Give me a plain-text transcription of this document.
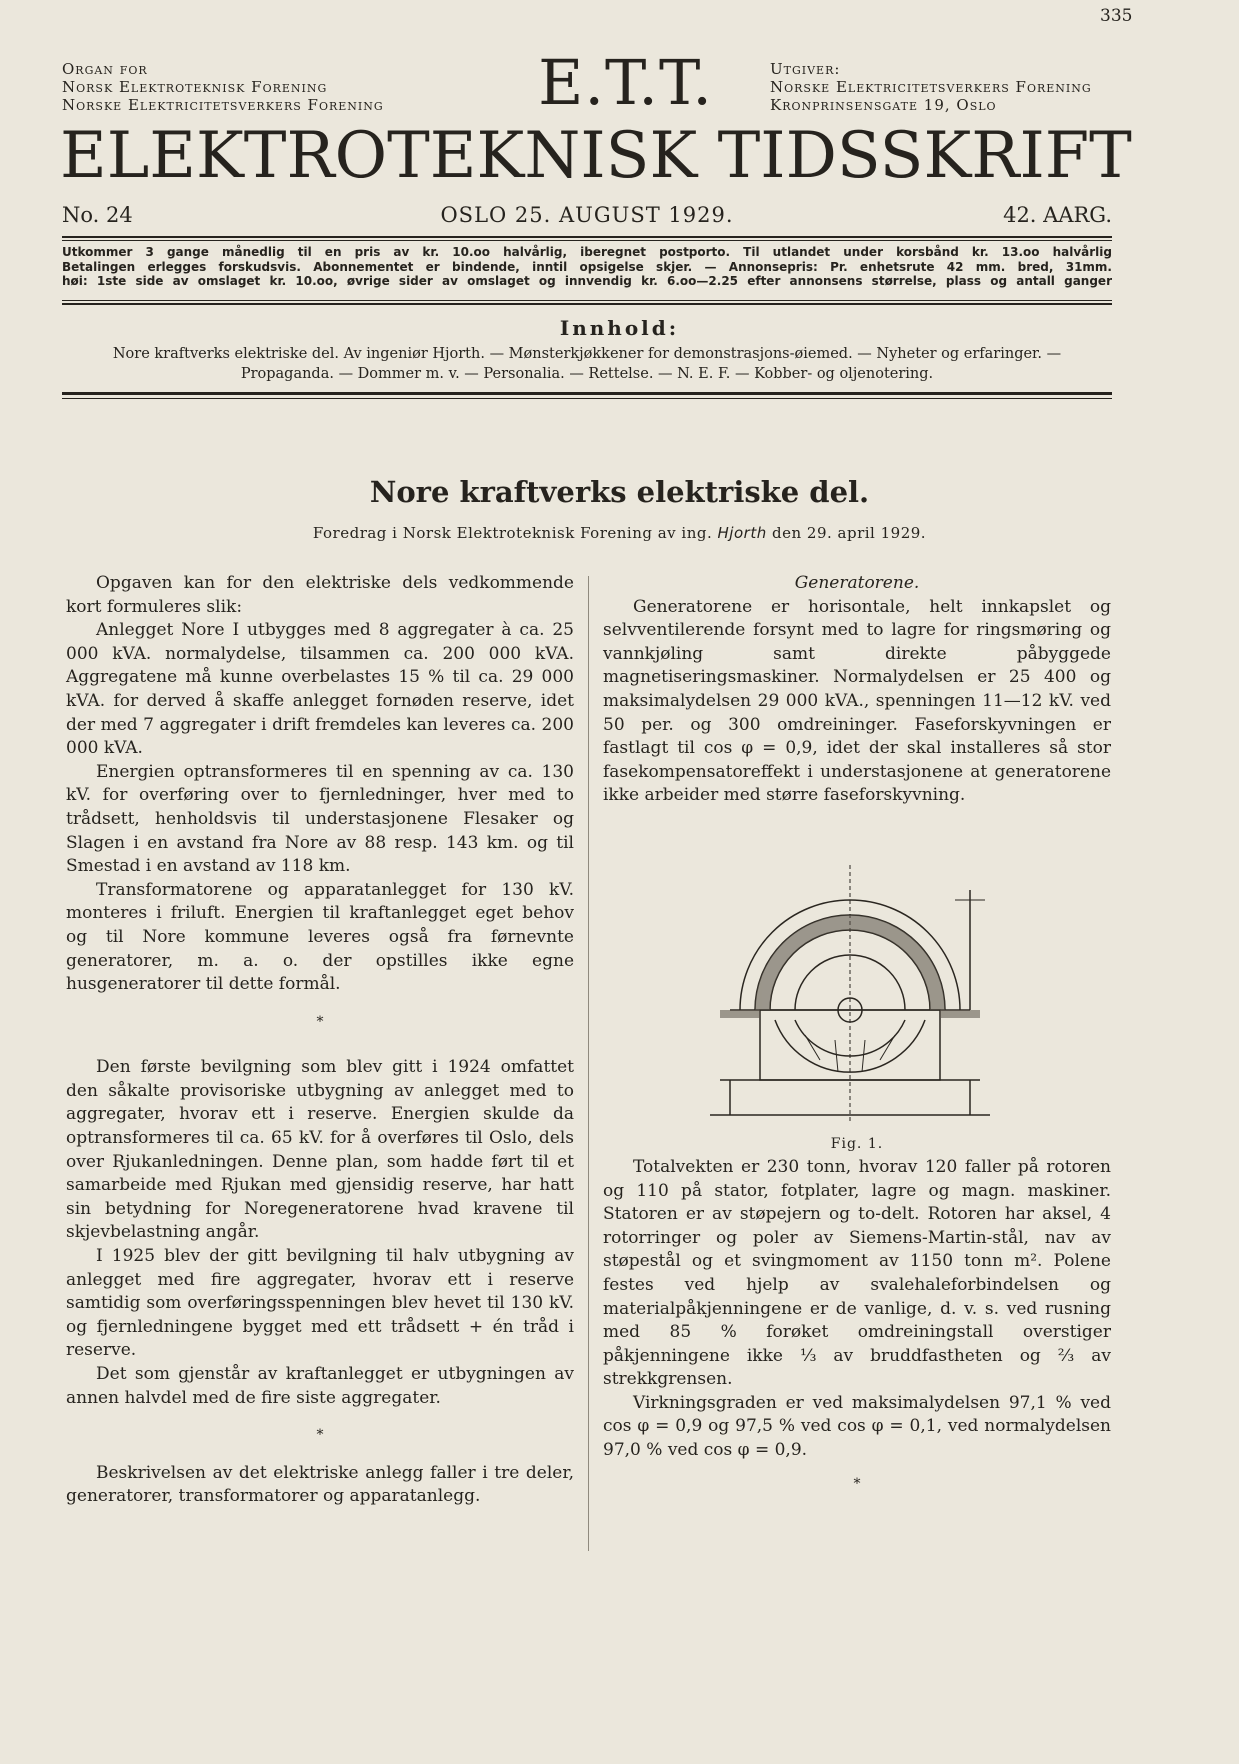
335
Organ for
Norsk Elektroteknisk Forening
Norske Elektricitetsverkers Forening	E.T.T.	Utgiver:
Norske Elektricitetsverkers Forening
Kronprinsensgate 19, Oslo
ELEKTROTEKNISK TIDSSKRIFT
No. 24	OSLO 25. AUGUST 1929.	42. AARG.

Utkommer 3 gange månedlig til en pris av kr. 10.oo halvårlig, iberegnet postporto. Til utlandet under korsbånd kr. 13.oo halvårlig

Betalingen erlegges forskudsvis. Abonnementet er bindende, inntil opsigelse skjer. — Annonsepris: Pr. enhetsrute 42 mm. bred, 31mm.

høi: 1ste side av omslaget kr. 10.oo, øvrige sider av omslaget og innvendig kr. 6.oo—2.25 efter annonsens størrelse, plass og antall ganger

Innhold:

Nore kraftverks elektriske del. Av ingeniør Hjorth. — Mønsterkjøkkener for demonstrasjons-øiemed. — Nyheter og erfaringer. —

Propaganda. — Dommer m. v. — Personalia. — Rettelse. — N. E. F. — Kobber- og oljenotering.

Nore kraftverks elektriske del.
Foredrag i Norsk Elektroteknisk Forening av ing. Hjorth den 29. april 1929.

Opgaven kan for den elektriske dels vedkommende kort formuleres slik:

Anlegget Nore I utbygges med 8 aggregater à ca. 25 000 kVA. normalydelse, tilsammen ca. 200 000 kVA. Aggregatene må kunne overbelastes 15 % til ca. 29 000 kVA. for derved å skaffe anlegget fornøden reserve, idet der med 7 aggregater i drift fremdeles kan leveres ca. 200 000 kVA.

Energien optransformeres til en spenning av ca. 130 kV. for overføring over to fjernledninger, hver med to trådsett, henholdsvis til understasjonene Flesaker og Slagen i en avstand fra Nore av 88 resp. 143 km. og til Smestad i en avstand av 118 km.

Transformatorene og apparatanlegget for 130 kV. monteres i friluft. Energien til kraftanlegget eget behov og til Nore kommune leveres også fra førnevnte generatorer, m. a. o. der opstilles ikke egne husgeneratorer til dette formål.

*

Den første bevilgning som blev gitt i 1924 omfattet den såkalte provisoriske utbygning av anlegget med to aggregater, hvorav ett i reserve. Energien skulde da optransformeres til ca. 65 kV. for å overføres til Oslo, dels over Rjukanledningen. Denne plan, som hadde ført til et samarbeide med Rjukan med gjensidig reserve, har hatt sin betydning for Noregeneratorene hvad kravene til skjevbelastning angår.

I 1925 blev der gitt bevilgning til halv utbygning av anlegget med fire aggregater, hvorav ett i reserve samtidig som overføringsspenningen blev hevet til 130 kV. og fjernledningene bygget med ett trådsett + én tråd i reserve.

Det som gjenstår av kraftanlegget er utbygningen av annen halvdel med de fire siste aggregater.

*

Beskrivelsen av det elektriske anlegg faller i tre deler, generatorer, transformatorer og apparatanlegg.

Generatorene.

Generatorene er horisontale, helt innkapslet og selvventilerende forsynt med to lagre for ringsmøring og vannkjøling samt direkte påbyggede magnetiseringsmaskiner. Normalydelsen er 25 400 og maksimalydelsen 29 000 kVA., spenningen 11—12 kV. ved 50 per. og 300 omdreininger. Faseforskyvningen er fastlagt til cos φ = 0,9, idet der skal installeres så stor fasekompensatoreffekt i understasjonene at generatorene ikke arbeider med større faseforskyvning.

Totalvekten er 230 tonn, hvorav 120 faller på rotoren og 110 på stator, fotplater, lagre og magn. maskiner. Statoren er av støpejern og to-delt. Rotoren har aksel, 4 rotorringer og poler av Siemens-Martin-stål, nav av støpestål og et svingmoment av 1150 tonn m². Polene festes ved hjelp av svalehaleforbindelsen og materialpåkjenningene er de vanlige, d. v. s. ved rusning med 85 % forøket omdreiningstall overstiger påkjenningene ikke ⅓ av bruddfastheten og ⅔ av strekkgrensen.

Virkningsgraden er ved maksimalydelsen 97,1 % ved cos φ = 0,9 og 97,5 % ved cos φ = 0,1, ved normalydelsen 97,0 % ved cos φ = 0,9.

*

Fig. 1.
